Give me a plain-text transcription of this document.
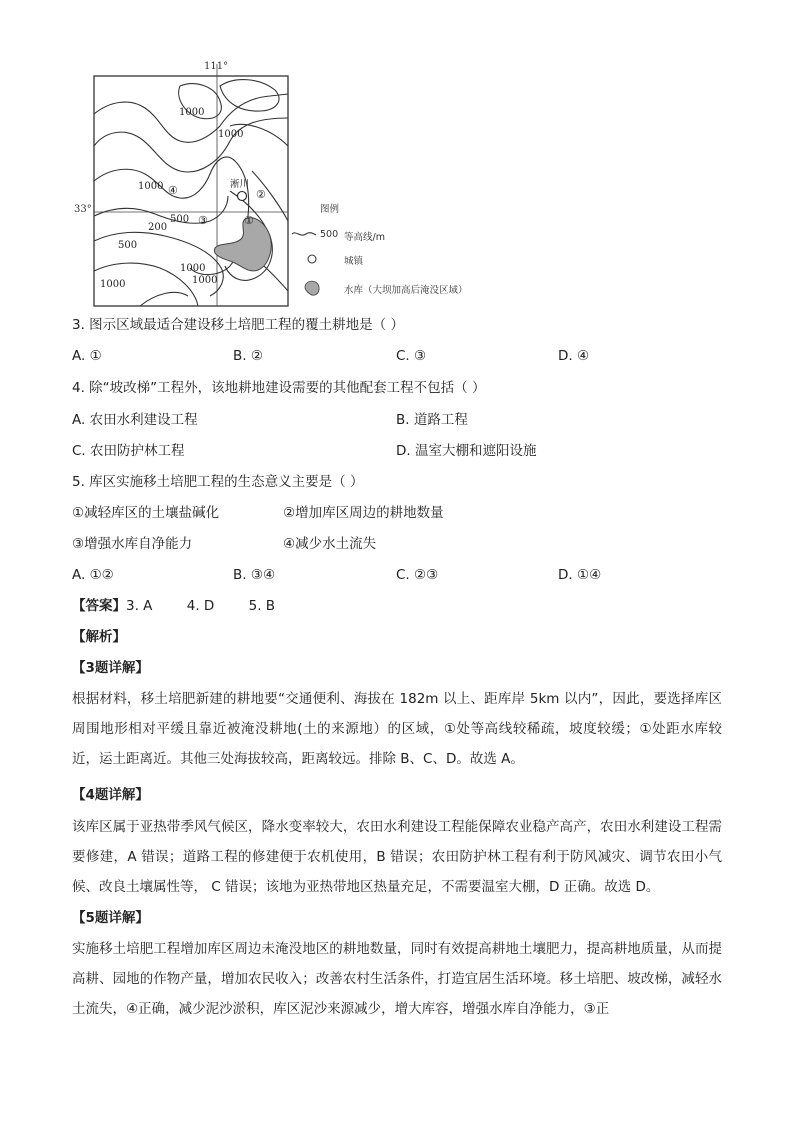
111°
33°
1000
1000
1000
500
200
500
1000
1000	1000
①
②
③
④	淅川
图例
500 等高线/m
城镇
水库（大坝加高后淹没区域）
3. 图示区域最适合建设移土培肥工程的覆土耕地是（ ）
A. ①	B. ②	C. ③	D. ④
4. 除“坡改梯”工程外，该地耕地建设需要的其他配套工程不包括（ ）
A. 农田水利建设工程	B. 道路工程
C. 农田防护林工程	D. 温室大棚和遮阳设施
5. 库区实施移土培肥工程的生态意义主要是（ ）
①减轻库区的土壤盐碱化	②增加库区周边的耕地数量
③增强水库自净能力	④减少水土流失
A. ①②	B. ③④	C. ②③	D. ①④
【答案】3. A        4. D        5. B
【解析】
【3题详解】
根据材料，移土培肥新建的耕地要“交通便利、海拔在 182m 以上、距库岸 5km 以内”，因此，要选择库区周围地形相对平缓且靠近被淹没耕地(土的来源地）的区域，①处等高线较稀疏，坡度较缓；①处距水库较近，运土距离近。其他三处海拔较高，距离较远。排除 B、C、D。故选 A。
【4题详解】
该库区属于亚热带季风气候区，降水变率较大，农田水利建设工程能保障农业稳产高产，农田水利建设工程需要修建，A 错误；道路工程的修建便于农机使用，B 错误；农田防护林工程有利于防风减灾、调节农田小气候、改良土壤属性等， C 错误；该地为亚热带地区热量充足，不需要温室大棚，D 正确。故选 D。
【5题详解】
实施移土培肥工程增加库区周边未淹没地区的耕地数量，同时有效提高耕地土壤肥力，提高耕地质量，从而提高耕、园地的作物产量，增加农民收入；改善农村生活条件，打造宜居生活环境。移土培肥、坡改梯，减轻水土流失，④正确，减少泥沙淤积，库区泥沙来源减少，增大库容，增强水库自净能力，③正
